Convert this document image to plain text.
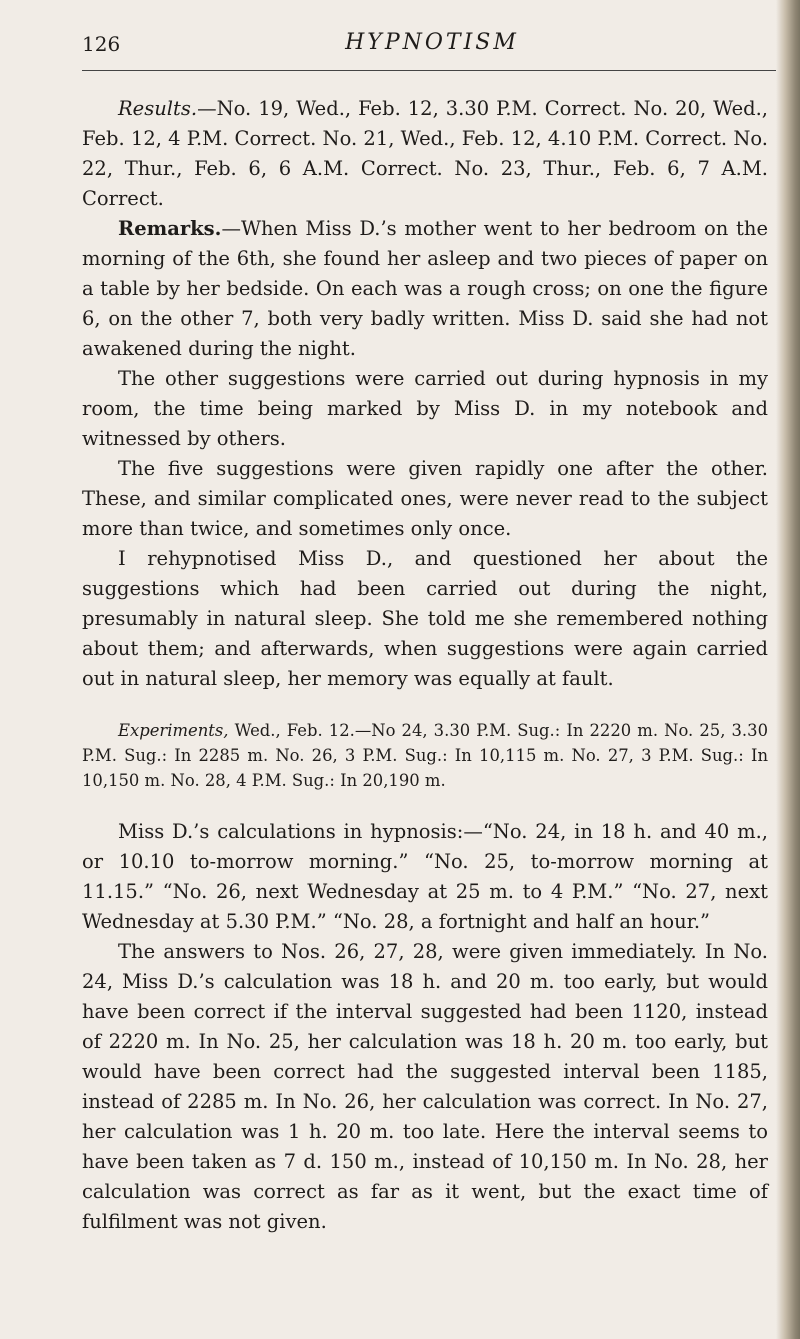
126	HYPNOTISM

Results.—No. 19, Wed., Feb. 12, 3.30 P.M. Correct. No. 20, Wed., Feb. 12, 4 P.M. Correct. No. 21, Wed., Feb. 12, 4.10 P.M. Correct. No. 22, Thur., Feb. 6, 6 A.M. Correct. No. 23, Thur., Feb. 6, 7 A.M. Correct.

Remarks.—When Miss D.’s mother went to her bedroom on the morning of the 6th, she found her asleep and two pieces of paper on a table by her bedside. On each was a rough cross; on one the figure 6, on the other 7, both very badly written. Miss D. said she had not awakened during the night.

The other suggestions were carried out during hypnosis in my room, the time being marked by Miss D. in my notebook and witnessed by others.

The five suggestions were given rapidly one after the other. These, and similar complicated ones, were never read to the subject more than twice, and sometimes only once.

I rehypnotised Miss D., and questioned her about the suggestions which had been carried out during the night, presumably in natural sleep. She told me she remembered nothing about them; and afterwards, when suggestions were again carried out in natural sleep, her memory was equally at fault.

Experiments, Wed., Feb. 12.—No 24, 3.30 P.M. Sug.: In 2220 m. No. 25, 3.30 P.M. Sug.: In 2285 m. No. 26, 3 P.M. Sug.: In 10,115 m. No. 27, 3 P.M. Sug.: In 10,150 m. No. 28, 4 P.M. Sug.: In 20,190 m.

Miss D.’s calculations in hypnosis:—“No. 24, in 18 h. and 40 m., or 10.10 to-morrow morning.” “No. 25, to-morrow morning at 11.15.” “No. 26, next Wednesday at 25 m. to 4 P.M.” “No. 27, next Wednesday at 5.30 P.M.” “No. 28, a fortnight and half an hour.”

The answers to Nos. 26, 27, 28, were given immediately. In No. 24, Miss D.’s calculation was 18 h. and 20 m. too early, but would have been correct if the interval suggested had been 1120, instead of 2220 m. In No. 25, her calculation was 18 h. 20 m. too early, but would have been correct had the suggested interval been 1185, instead of 2285 m. In No. 26, her calculation was correct. In No. 27, her calculation was 1 h. 20 m. too late. Here the interval seems to have been taken as 7 d. 150 m., instead of 10,150 m. In No. 28, her calculation was correct as far as it went, but the exact time of fulfilment was not given.
